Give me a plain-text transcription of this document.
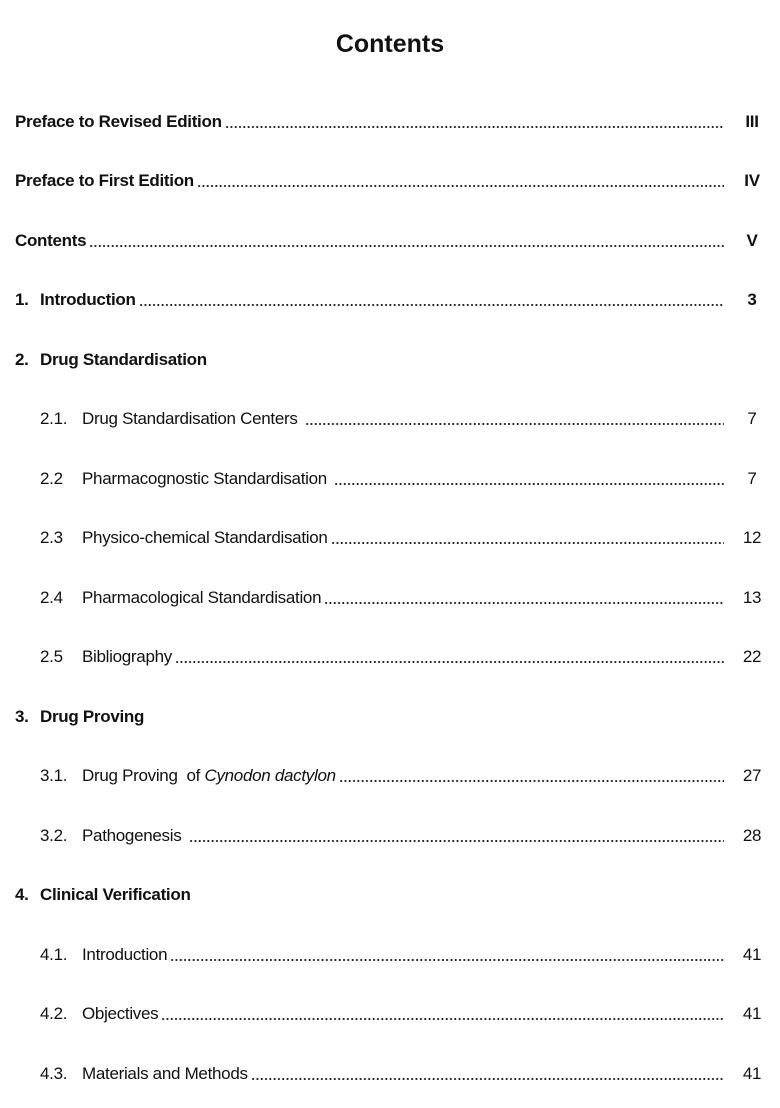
Contents
Preface to Revised Edition	III
Preface to First Edition	IV
Contents	V
1. Introduction	3
2. Drug Standardisation
2.1. Drug Standardisation Centers	7
2.2	Pharmacognostic Standardisation	7
2.3	Physico-chemical Standardisation	12
2.4	Pharmacological Standardisation	13
2.5	Bibliography	22
3. Drug Proving
3.1. Drug Proving  of Cynodon dactylon	27
3.2. Pathogenesis	28
4. Clinical Verification
4.1. Introduction	41
4.2. Objectives	41
4.3. Materials and Methods	41
